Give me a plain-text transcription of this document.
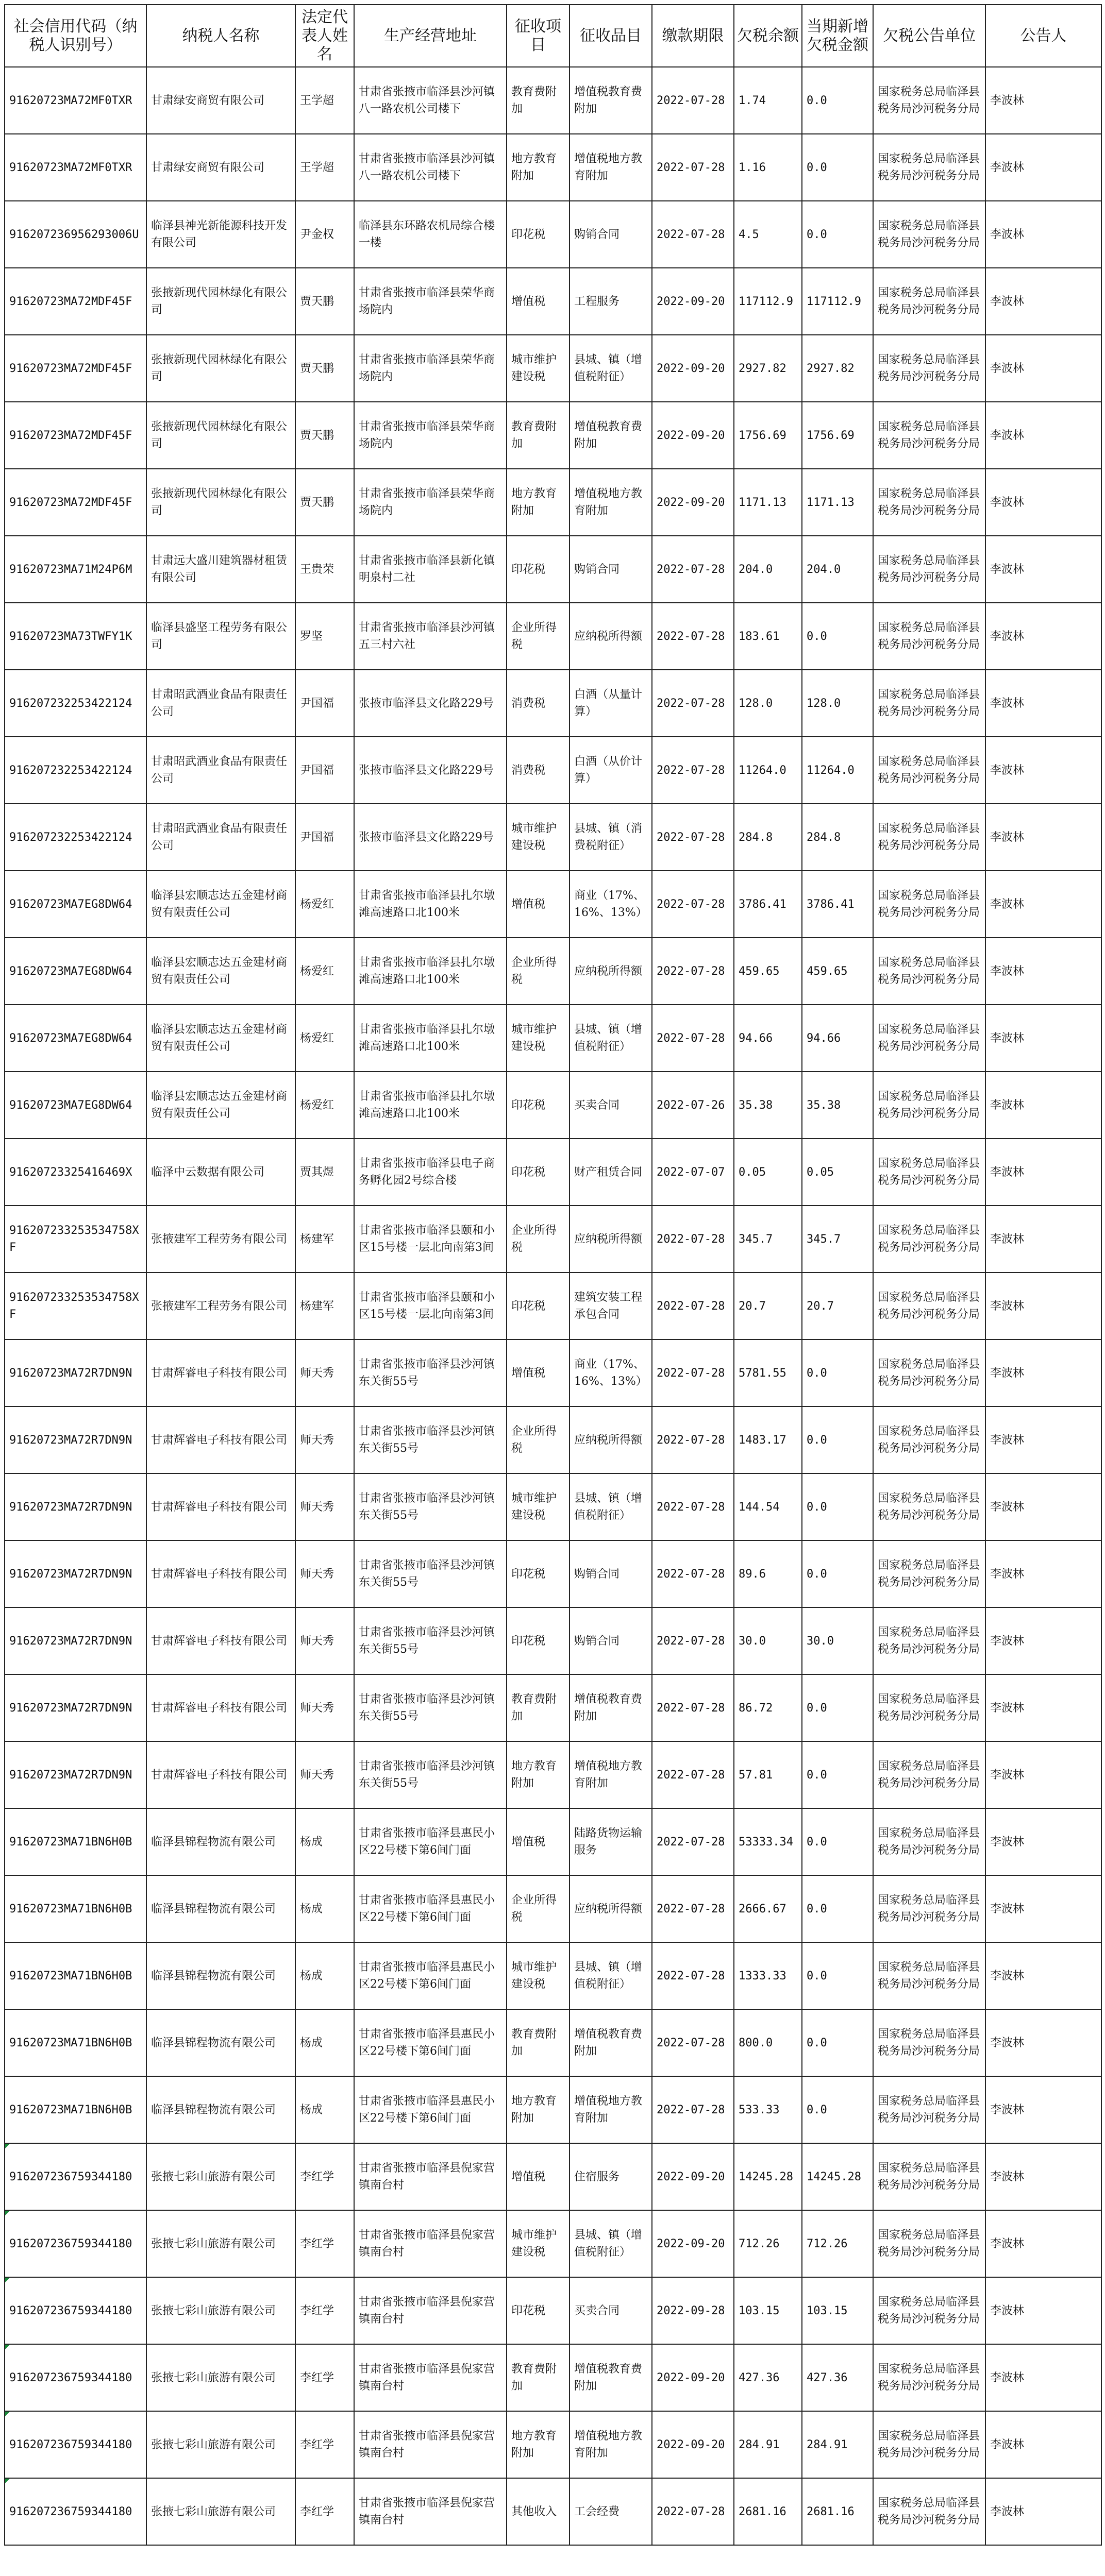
社会信用代码（纳税人识别号）	纳税人名称	法定代表人姓名	生产经营地址	征收项目	征收品目	缴款期限	欠税余额	当期新增欠税金额	欠税公告单位	公告人
91620723MA72MF0TXR	甘肃绿安商贸有限公司	王学超	甘肃省张掖市临泽县沙河镇八一路农机公司楼下	教育费附加	增值税教育费附加	2022-07-28	1.74	0.0	国家税务总局临泽县税务局沙河税务分局	李波林
91620723MA72MF0TXR	甘肃绿安商贸有限公司	王学超	甘肃省张掖市临泽县沙河镇八一路农机公司楼下	地方教育附加	增值税地方教育附加	2022-07-28	1.16	0.0	国家税务总局临泽县税务局沙河税务分局	李波林
916207236956293006U	临泽县神光新能源科技开发有限公司	尹金权	临泽县东环路农机局综合楼一楼	印花税	购销合同	2022-07-28	4.5	0.0	国家税务总局临泽县税务局沙河税务分局	李波林
91620723MA72MDF45F	张掖新现代园林绿化有限公司	贾天鹏	甘肃省张掖市临泽县荣华商场院内	增值税	工程服务	2022-09-20	117112.9	117112.9	国家税务总局临泽县税务局沙河税务分局	李波林
91620723MA72MDF45F	张掖新现代园林绿化有限公司	贾天鹏	甘肃省张掖市临泽县荣华商场院内	城市维护建设税	县城、镇（增值税附征）	2022-09-20	2927.82	2927.82	国家税务总局临泽县税务局沙河税务分局	李波林
91620723MA72MDF45F	张掖新现代园林绿化有限公司	贾天鹏	甘肃省张掖市临泽县荣华商场院内	教育费附加	增值税教育费附加	2022-09-20	1756.69	1756.69	国家税务总局临泽县税务局沙河税务分局	李波林
91620723MA72MDF45F	张掖新现代园林绿化有限公司	贾天鹏	甘肃省张掖市临泽县荣华商场院内	地方教育附加	增值税地方教育附加	2022-09-20	1171.13	1171.13	国家税务总局临泽县税务局沙河税务分局	李波林
91620723MA71M24P6M	甘肃远大盛川建筑器材租赁有限公司	王贵荣	甘肃省张掖市临泽县新化镇明泉村二社	印花税	购销合同	2022-07-28	204.0	204.0	国家税务总局临泽县税务局沙河税务分局	李波林
91620723MA73TWFY1K	临泽县盛坚工程劳务有限公司	罗坚	甘肃省张掖市临泽县沙河镇五三村六社	企业所得税	应纳税所得额	2022-07-28	183.61	0.0	国家税务总局临泽县税务局沙河税务分局	李波林
916207232253422124	甘肃昭武酒业食品有限责任公司	尹国福	张掖市临泽县文化路229号	消费税	白酒（从量计算）	2022-07-28	128.0	128.0	国家税务总局临泽县税务局沙河税务分局	李波林
916207232253422124	甘肃昭武酒业食品有限责任公司	尹国福	张掖市临泽县文化路229号	消费税	白酒（从价计算）	2022-07-28	11264.0	11264.0	国家税务总局临泽县税务局沙河税务分局	李波林
916207232253422124	甘肃昭武酒业食品有限责任公司	尹国福	张掖市临泽县文化路229号	城市维护建设税	县城、镇（消费税附征）	2022-07-28	284.8	284.8	国家税务总局临泽县税务局沙河税务分局	李波林
91620723MA7EG8DW64	临泽县宏顺志达五金建材商贸有限责任公司	杨爱红	甘肃省张掖市临泽县扎尔墩滩高速路口北100米	增值税	商业（17%、16%、13%）	2022-07-28	3786.41	3786.41	国家税务总局临泽县税务局沙河税务分局	李波林
91620723MA7EG8DW64	临泽县宏顺志达五金建材商贸有限责任公司	杨爱红	甘肃省张掖市临泽县扎尔墩滩高速路口北100米	企业所得税	应纳税所得额	2022-07-28	459.65	459.65	国家税务总局临泽县税务局沙河税务分局	李波林
91620723MA7EG8DW64	临泽县宏顺志达五金建材商贸有限责任公司	杨爱红	甘肃省张掖市临泽县扎尔墩滩高速路口北100米	城市维护建设税	县城、镇（增值税附征）	2022-07-28	94.66	94.66	国家税务总局临泽县税务局沙河税务分局	李波林
91620723MA7EG8DW64	临泽县宏顺志达五金建材商贸有限责任公司	杨爱红	甘肃省张掖市临泽县扎尔墩滩高速路口北100米	印花税	买卖合同	2022-07-26	35.38	35.38	国家税务总局临泽县税务局沙河税务分局	李波林
91620723325416469X	临泽中云数据有限公司	贾其煜	甘肃省张掖市临泽县电子商务孵化园2号综合楼	印花税	财产租赁合同	2022-07-07	0.05	0.05	国家税务总局临泽县税务局沙河税务分局	李波林
916207233253534758XF	张掖建军工程劳务有限公司	杨建军	甘肃省张掖市临泽县颐和小区15号楼一层北向南第3间	企业所得税	应纳税所得额	2022-07-28	345.7	345.7	国家税务总局临泽县税务局沙河税务分局	李波林
916207233253534758XF	张掖建军工程劳务有限公司	杨建军	甘肃省张掖市临泽县颐和小区15号楼一层北向南第3间	印花税	建筑安装工程承包合同	2022-07-28	20.7	20.7	国家税务总局临泽县税务局沙河税务分局	李波林
91620723MA72R7DN9N	甘肃辉睿电子科技有限公司	师天秀	甘肃省张掖市临泽县沙河镇东关街55号	增值税	商业（17%、16%、13%）	2022-07-28	5781.55	0.0	国家税务总局临泽县税务局沙河税务分局	李波林
91620723MA72R7DN9N	甘肃辉睿电子科技有限公司	师天秀	甘肃省张掖市临泽县沙河镇东关街55号	企业所得税	应纳税所得额	2022-07-28	1483.17	0.0	国家税务总局临泽县税务局沙河税务分局	李波林
91620723MA72R7DN9N	甘肃辉睿电子科技有限公司	师天秀	甘肃省张掖市临泽县沙河镇东关街55号	城市维护建设税	县城、镇（增值税附征）	2022-07-28	144.54	0.0	国家税务总局临泽县税务局沙河税务分局	李波林
91620723MA72R7DN9N	甘肃辉睿电子科技有限公司	师天秀	甘肃省张掖市临泽县沙河镇东关街55号	印花税	购销合同	2022-07-28	89.6	0.0	国家税务总局临泽县税务局沙河税务分局	李波林
91620723MA72R7DN9N	甘肃辉睿电子科技有限公司	师天秀	甘肃省张掖市临泽县沙河镇东关街55号	印花税	购销合同	2022-07-28	30.0	30.0	国家税务总局临泽县税务局沙河税务分局	李波林
91620723MA72R7DN9N	甘肃辉睿电子科技有限公司	师天秀	甘肃省张掖市临泽县沙河镇东关街55号	教育费附加	增值税教育费附加	2022-07-28	86.72	0.0	国家税务总局临泽县税务局沙河税务分局	李波林
91620723MA72R7DN9N	甘肃辉睿电子科技有限公司	师天秀	甘肃省张掖市临泽县沙河镇东关街55号	地方教育附加	增值税地方教育附加	2022-07-28	57.81	0.0	国家税务总局临泽县税务局沙河税务分局	李波林
91620723MA71BN6H0B	临泽县锦程物流有限公司	杨成	甘肃省张掖市临泽县惠民小区22号楼下第6间门面	增值税	陆路货物运输服务	2022-07-28	53333.34	0.0	国家税务总局临泽县税务局沙河税务分局	李波林
91620723MA71BN6H0B	临泽县锦程物流有限公司	杨成	甘肃省张掖市临泽县惠民小区22号楼下第6间门面	企业所得税	应纳税所得额	2022-07-28	2666.67	0.0	国家税务总局临泽县税务局沙河税务分局	李波林
91620723MA71BN6H0B	临泽县锦程物流有限公司	杨成	甘肃省张掖市临泽县惠民小区22号楼下第6间门面	城市维护建设税	县城、镇（增值税附征）	2022-07-28	1333.33	0.0	国家税务总局临泽县税务局沙河税务分局	李波林
91620723MA71BN6H0B	临泽县锦程物流有限公司	杨成	甘肃省张掖市临泽县惠民小区22号楼下第6间门面	教育费附加	增值税教育费附加	2022-07-28	800.0	0.0	国家税务总局临泽县税务局沙河税务分局	李波林
91620723MA71BN6H0B	临泽县锦程物流有限公司	杨成	甘肃省张掖市临泽县惠民小区22号楼下第6间门面	地方教育附加	增值税地方教育附加	2022-07-28	533.33	0.0	国家税务总局临泽县税务局沙河税务分局	李波林

916207236759344180	张掖七彩山旅游有限公司	李红学	甘肃省张掖市临泽县倪家营镇南台村	增值税	住宿服务	2022-09-20	14245.28	14245.28	国家税务总局临泽县税务局沙河税务分局	李波林

916207236759344180	张掖七彩山旅游有限公司	李红学	甘肃省张掖市临泽县倪家营镇南台村	城市维护建设税	县城、镇（增值税附征）	2022-09-20	712.26	712.26	国家税务总局临泽县税务局沙河税务分局	李波林

916207236759344180	张掖七彩山旅游有限公司	李红学	甘肃省张掖市临泽县倪家营镇南台村	印花税	买卖合同	2022-09-28	103.15	103.15	国家税务总局临泽县税务局沙河税务分局	李波林

916207236759344180	张掖七彩山旅游有限公司	李红学	甘肃省张掖市临泽县倪家营镇南台村	教育费附加	增值税教育费附加	2022-09-20	427.36	427.36	国家税务总局临泽县税务局沙河税务分局	李波林

916207236759344180	张掖七彩山旅游有限公司	李红学	甘肃省张掖市临泽县倪家营镇南台村	地方教育附加	增值税地方教育附加	2022-09-20	284.91	284.91	国家税务总局临泽县税务局沙河税务分局	李波林

916207236759344180	张掖七彩山旅游有限公司	李红学	甘肃省张掖市临泽县倪家营镇南台村	其他收入	工会经费	2022-07-28	2681.16	2681.16	国家税务总局临泽县税务局沙河税务分局	李波林
